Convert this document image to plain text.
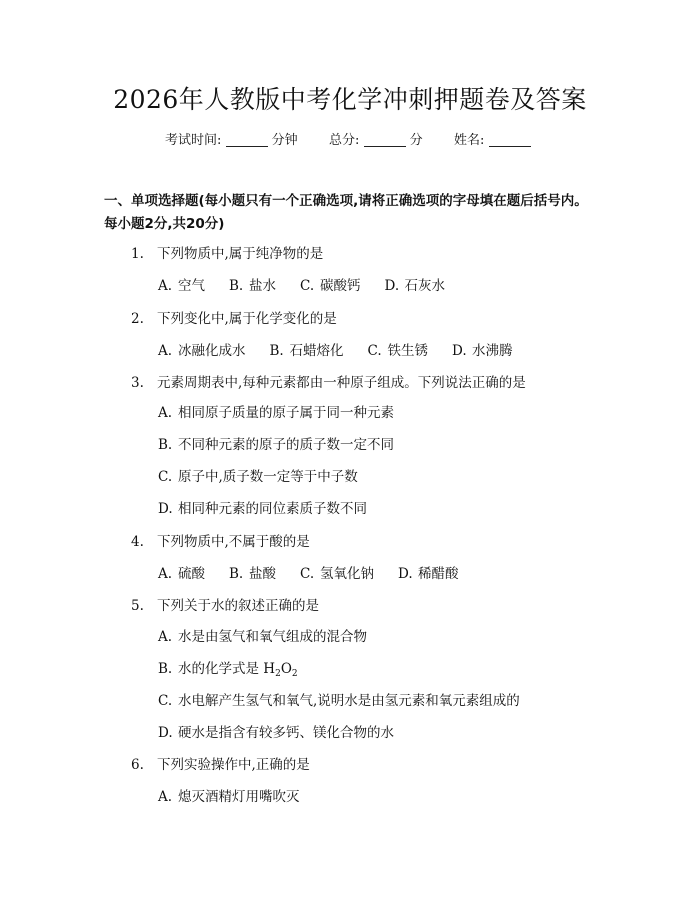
2026年人教版中考化学冲刺押题卷及答案
考试时间:	分钟 总分:	分 姓名:
一、单项选择题(每小题只有一个正确选项,请将正确选项的字母填在题后括号内。每小题2分,共20分)
1. 下列物质中,属于纯净物的是
A. 空气 B. 盐水 C. 碳酸钙 D. 石灰水
2. 下列变化中,属于化学变化的是
A. 冰融化成水 B. 石蜡熔化 C. 铁生锈 D. 水沸腾
3. 元素周期表中,每种元素都由一种原子组成。下列说法正确的是
A. 相同原子质量的原子属于同一种元素
B. 不同种元素的原子的质子数一定不同
C. 原子中,质子数一定等于中子数
D. 相同种元素的同位素质子数不同
4. 下列物质中,不属于酸的是
A. 硫酸 B. 盐酸 C. 氢氧化钠 D. 稀醋酸
5. 下列关于水的叙述正确的是
A. 水是由氢气和氧气组成的混合物
B. 水的化学式是 $H_2O_2$
C. 水电解产生氢气和氧气,说明水是由氢元素和氧元素组成的
D. 硬水是指含有较多钙、镁化合物的水
6. 下列实验操作中,正确的是
A. 熄灭酒精灯用嘴吹灭
